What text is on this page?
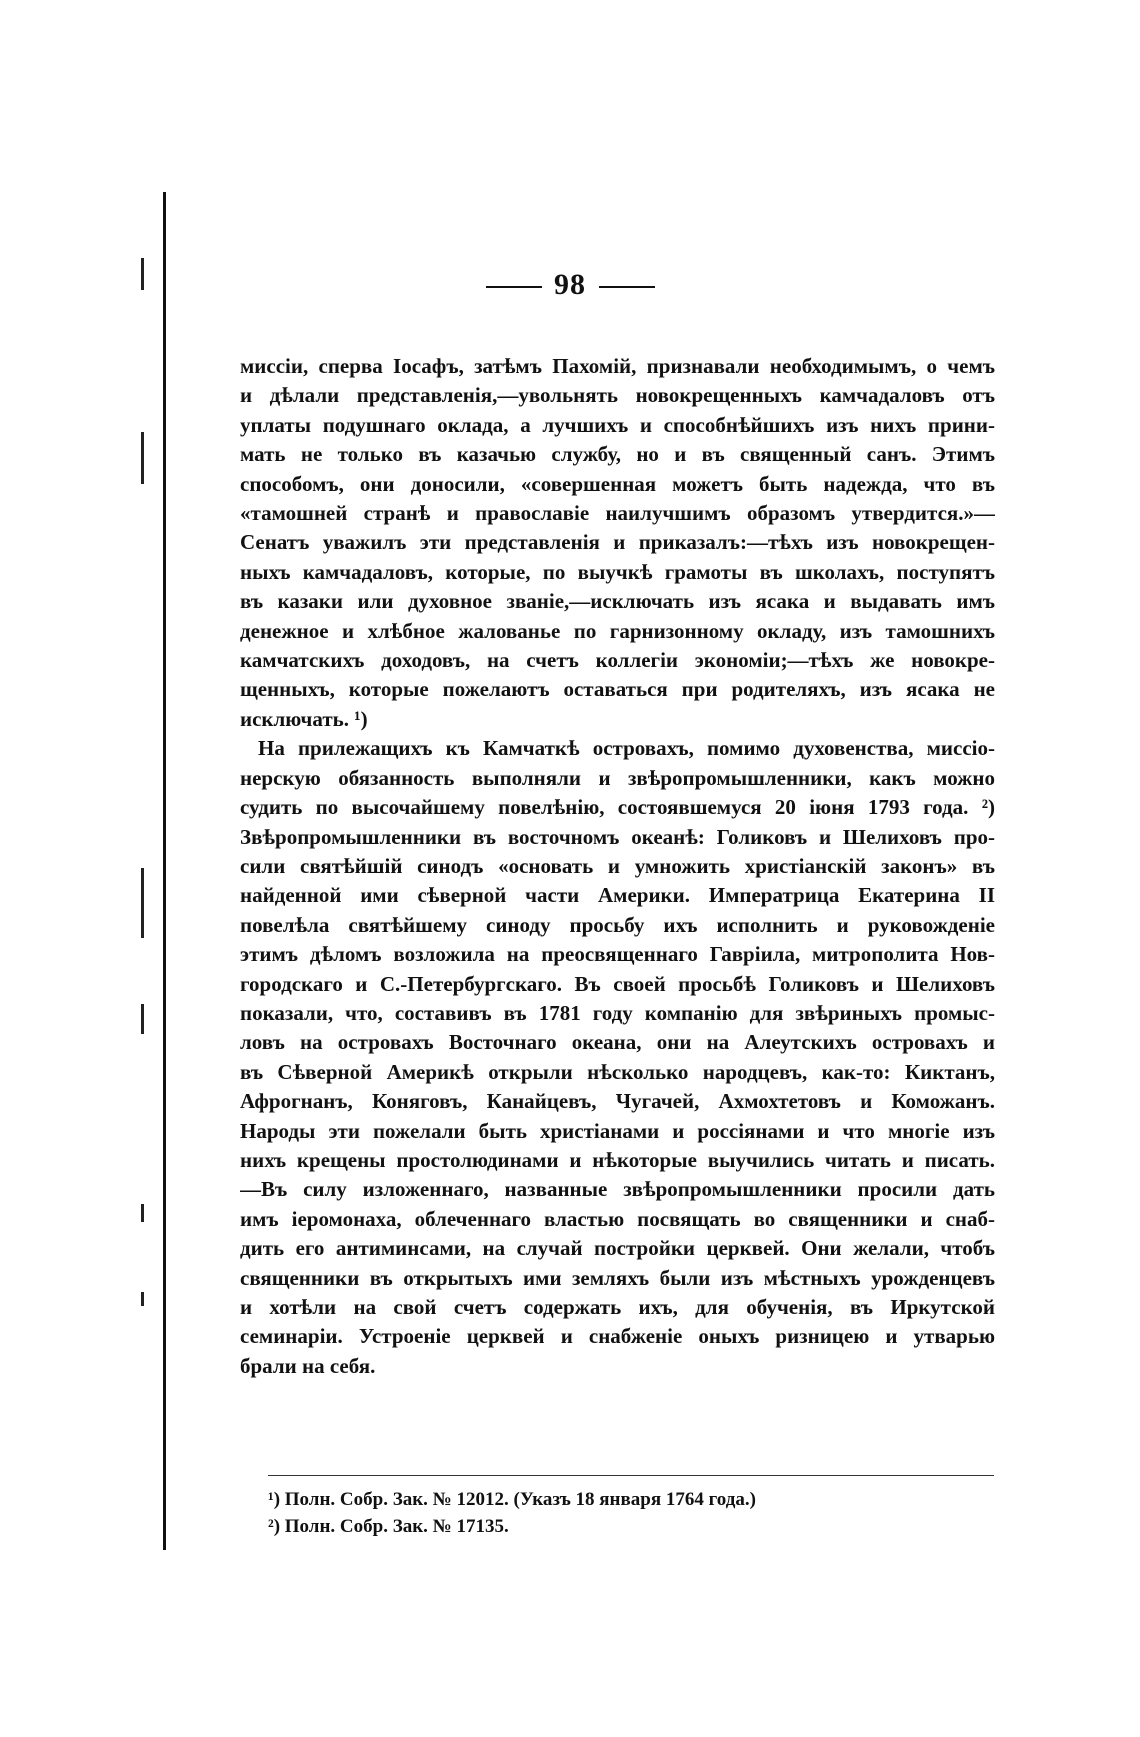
98
миссіи, сперва Іосафъ, затѣмъ Пахомій, признавали необходимымъ, о чемъ
и дѣлали представленія,—увольнять новокрещенныхъ камчадаловъ отъ
уплаты подушнаго оклада, а лучшихъ и способнѣйшихъ изъ нихъ прини-
мать не только въ казачью службу, но и въ священный санъ. Этимъ
способомъ, они доносили, «совершенная можетъ быть надежда, что въ
«тамошней странѣ и православіе наилучшимъ образомъ утвердится.»—
Сенатъ уважилъ эти представленія и приказалъ:—тѣхъ изъ новокрещен-
ныхъ камчадаловъ, которые, по выучкѣ грамоты въ школахъ, поступятъ
въ казаки или духовное званіе,—исключать изъ ясака и выдавать имъ
денежное и хлѣбное жалованье по гарнизонному окладу, изъ тамошнихъ
камчатскихъ доходовъ, на счетъ коллегіи экономіи;—тѣхъ же новокре-
щенныхъ, которые пожелаютъ оставаться при родителяхъ, изъ ясака не
исключать. ¹)
На прилежащихъ къ Камчаткѣ островахъ, помимо духовенства, миссіо-
нерскую обязанность выполняли и звѣропромышленники, какъ можно
судить по высочайшему повелѣнію, состоявшемуся 20 іюня 1793 года. ²)
Звѣропромышленники въ восточномъ океанѣ: Голиковъ и Шелиховъ про-
сили святѣйшій синодъ «основать и умножить христіанскій законъ» въ
найденной ими сѣверной части Америки. Императрица Екатерина II
повелѣла святѣйшему синоду просьбу ихъ исполнить и руковожденіе
этимъ дѣломъ возложила на преосвященнаго Гавріила, митрополита Нов-
городскаго и С.-Петербургскаго. Въ своей просьбѣ Голиковъ и Шелиховъ
показали, что, составивъ въ 1781 году компанію для звѣриныхъ промыс-
ловъ на островахъ Восточнаго океана, они на Алеутскихъ островахъ и
въ Сѣверной Америкѣ открыли нѣсколько народцевъ, как-то: Киктанъ,
Афрогнанъ, Коняговъ, Канайцевъ, Чугачей, Ахмохтетовъ и Коможанъ.
Народы эти пожелали быть христіанами и россіянами и что многіе изъ
нихъ крещены простолюдинами и нѣкоторые выучились читать и писать.
—Въ силу изложеннаго, названные звѣропромышленники просили дать
имъ іеромонаха, облеченнаго властью посвящать во священники и снаб-
дить его антиминсами, на случай постройки церквей. Они желали, чтобъ
священники въ открытыхъ ими земляхъ были изъ мѣстныхъ урожденцевъ
и хотѣли на свой счетъ содержать ихъ, для обученія, въ Иркутской
семинаріи. Устроеніе церквей и снабженіе оныхъ ризницею и утварью
брали на себя.
¹) Полн. Собр. Зак. № 12012. (Указъ 18 января 1764 года.)
²) Полн. Собр. Зак. № 17135.
